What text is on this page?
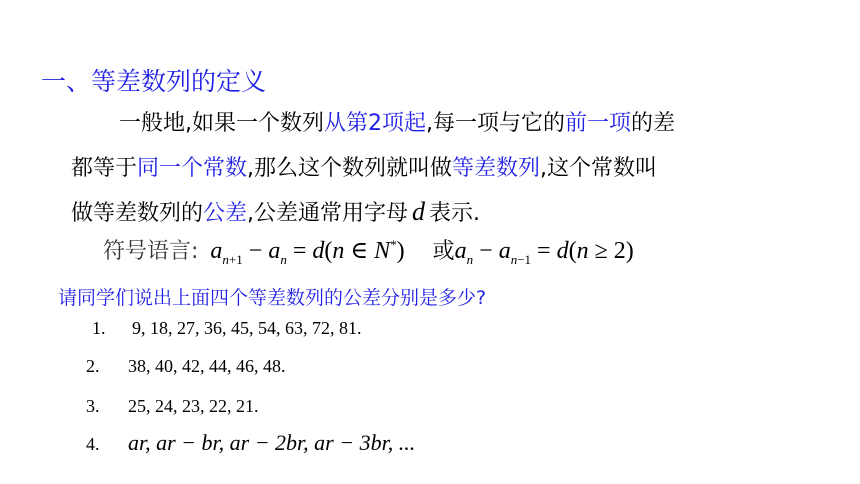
一、等差数列的定义
一般地,如果一个数列从第2项起,每一项与它的前一项的差
都等于同一个常数,那么这个数列就叫做等差数列,这个常数叫
做等差数列的公差,公差通常用字母 d 表示.
符号语言: $a_{n+1} - a_n = d(n$ ∈ N*) 或$a_n - a_{n-1} = d(n \ge 2)$
请同学们说出上面四个等差数列的公差分别是多少?
1. 9, 18, 27, 36, 45, 54, 63, 72, 81.
2. 38, 40, 42, 44, 46, 48.
3. 25, 24, 23, 22, 21.
4. ar, ar − br, ar − 2br, ar − 3br, ...
